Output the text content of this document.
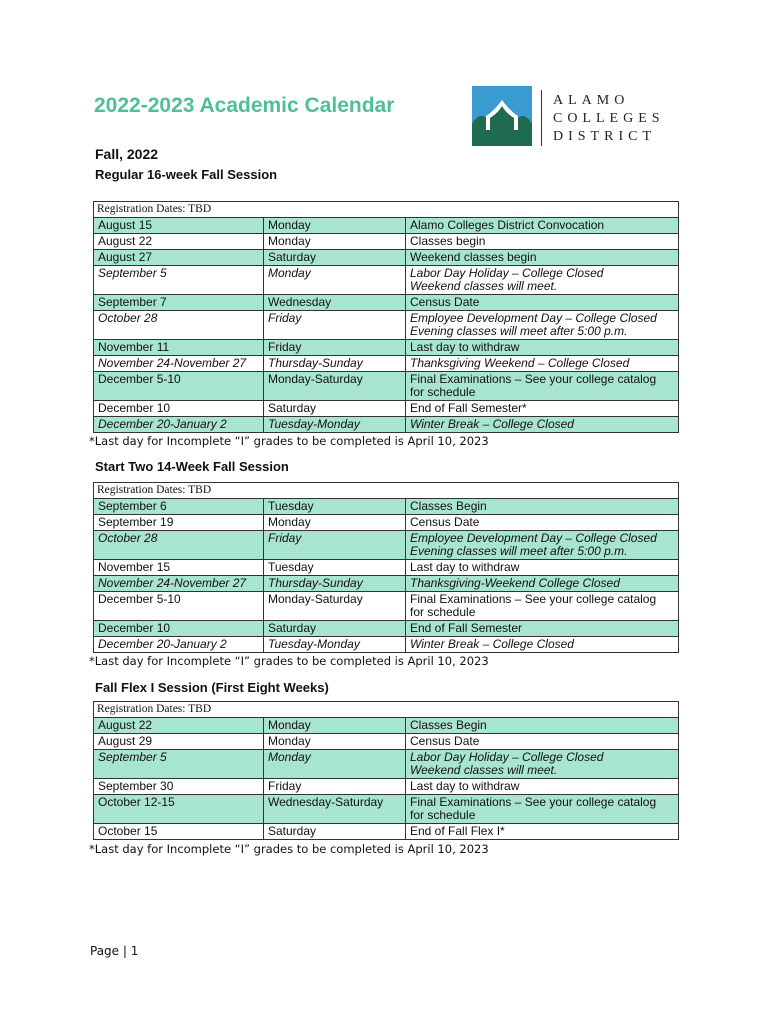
2022-2023 Academic Calendar	ALAMO
COLLEGES
DISTRICT
Fall, 2022
Regular 16-week Fall Session
Registration Dates: TBD		
August 15	Monday	Alamo Colleges District Convocation
August 22	Monday	Classes begin
August 27	Saturday	Weekend classes begin
September 5	Monday	Labor Day Holiday – College Closed
Weekend classes will meet.
September 7	Wednesday	Census Date
October 28	Friday	Employee Development Day – College Closed
Evening classes will meet after 5:00 p.m.
November 11	Friday	Last day to withdraw
November 24-November 27	Thursday-Sunday	Thanksgiving Weekend – College Closed
December 5-10	Monday-Saturday	Final Examinations – See your college catalog
for schedule
December 10	Saturday	End of Fall Semester*
December 20-January 2	Tuesday-Monday	Winter Break – College Closed
*Last day for Incomplete “I” grades to be completed is April 10, 2023
Start Two 14-Week Fall Session
Registration Dates: TBD		
September 6	Tuesday	Classes Begin
September 19	Monday	Census Date
October 28	Friday	Employee Development Day – College Closed
Evening classes will meet after 5:00 p.m.
November 15	Tuesday	Last day to withdraw
November 24-November 27	Thursday-Sunday	Thanksgiving-Weekend College Closed
December 5-10	Monday-Saturday	Final Examinations – See your college catalog
for schedule
December 10	Saturday	End of Fall Semester
December 20-January 2	Tuesday-Monday	Winter Break – College Closed
*Last day for Incomplete “I” grades to be completed is April 10, 2023
Fall Flex I Session (First Eight Weeks)
Registration Dates: TBD		
August 22	Monday	Classes Begin
August 29	Monday	Census Date
September 5	Monday	Labor Day Holiday – College Closed
Weekend classes will meet.
September 30	Friday	Last day to withdraw
October 12-15	Wednesday-Saturday	Final Examinations – See your college catalog
for schedule
October 15	Saturday	End of Fall Flex I*
*Last day for Incomplete “I” grades to be completed is April 10, 2023
Page | 1
